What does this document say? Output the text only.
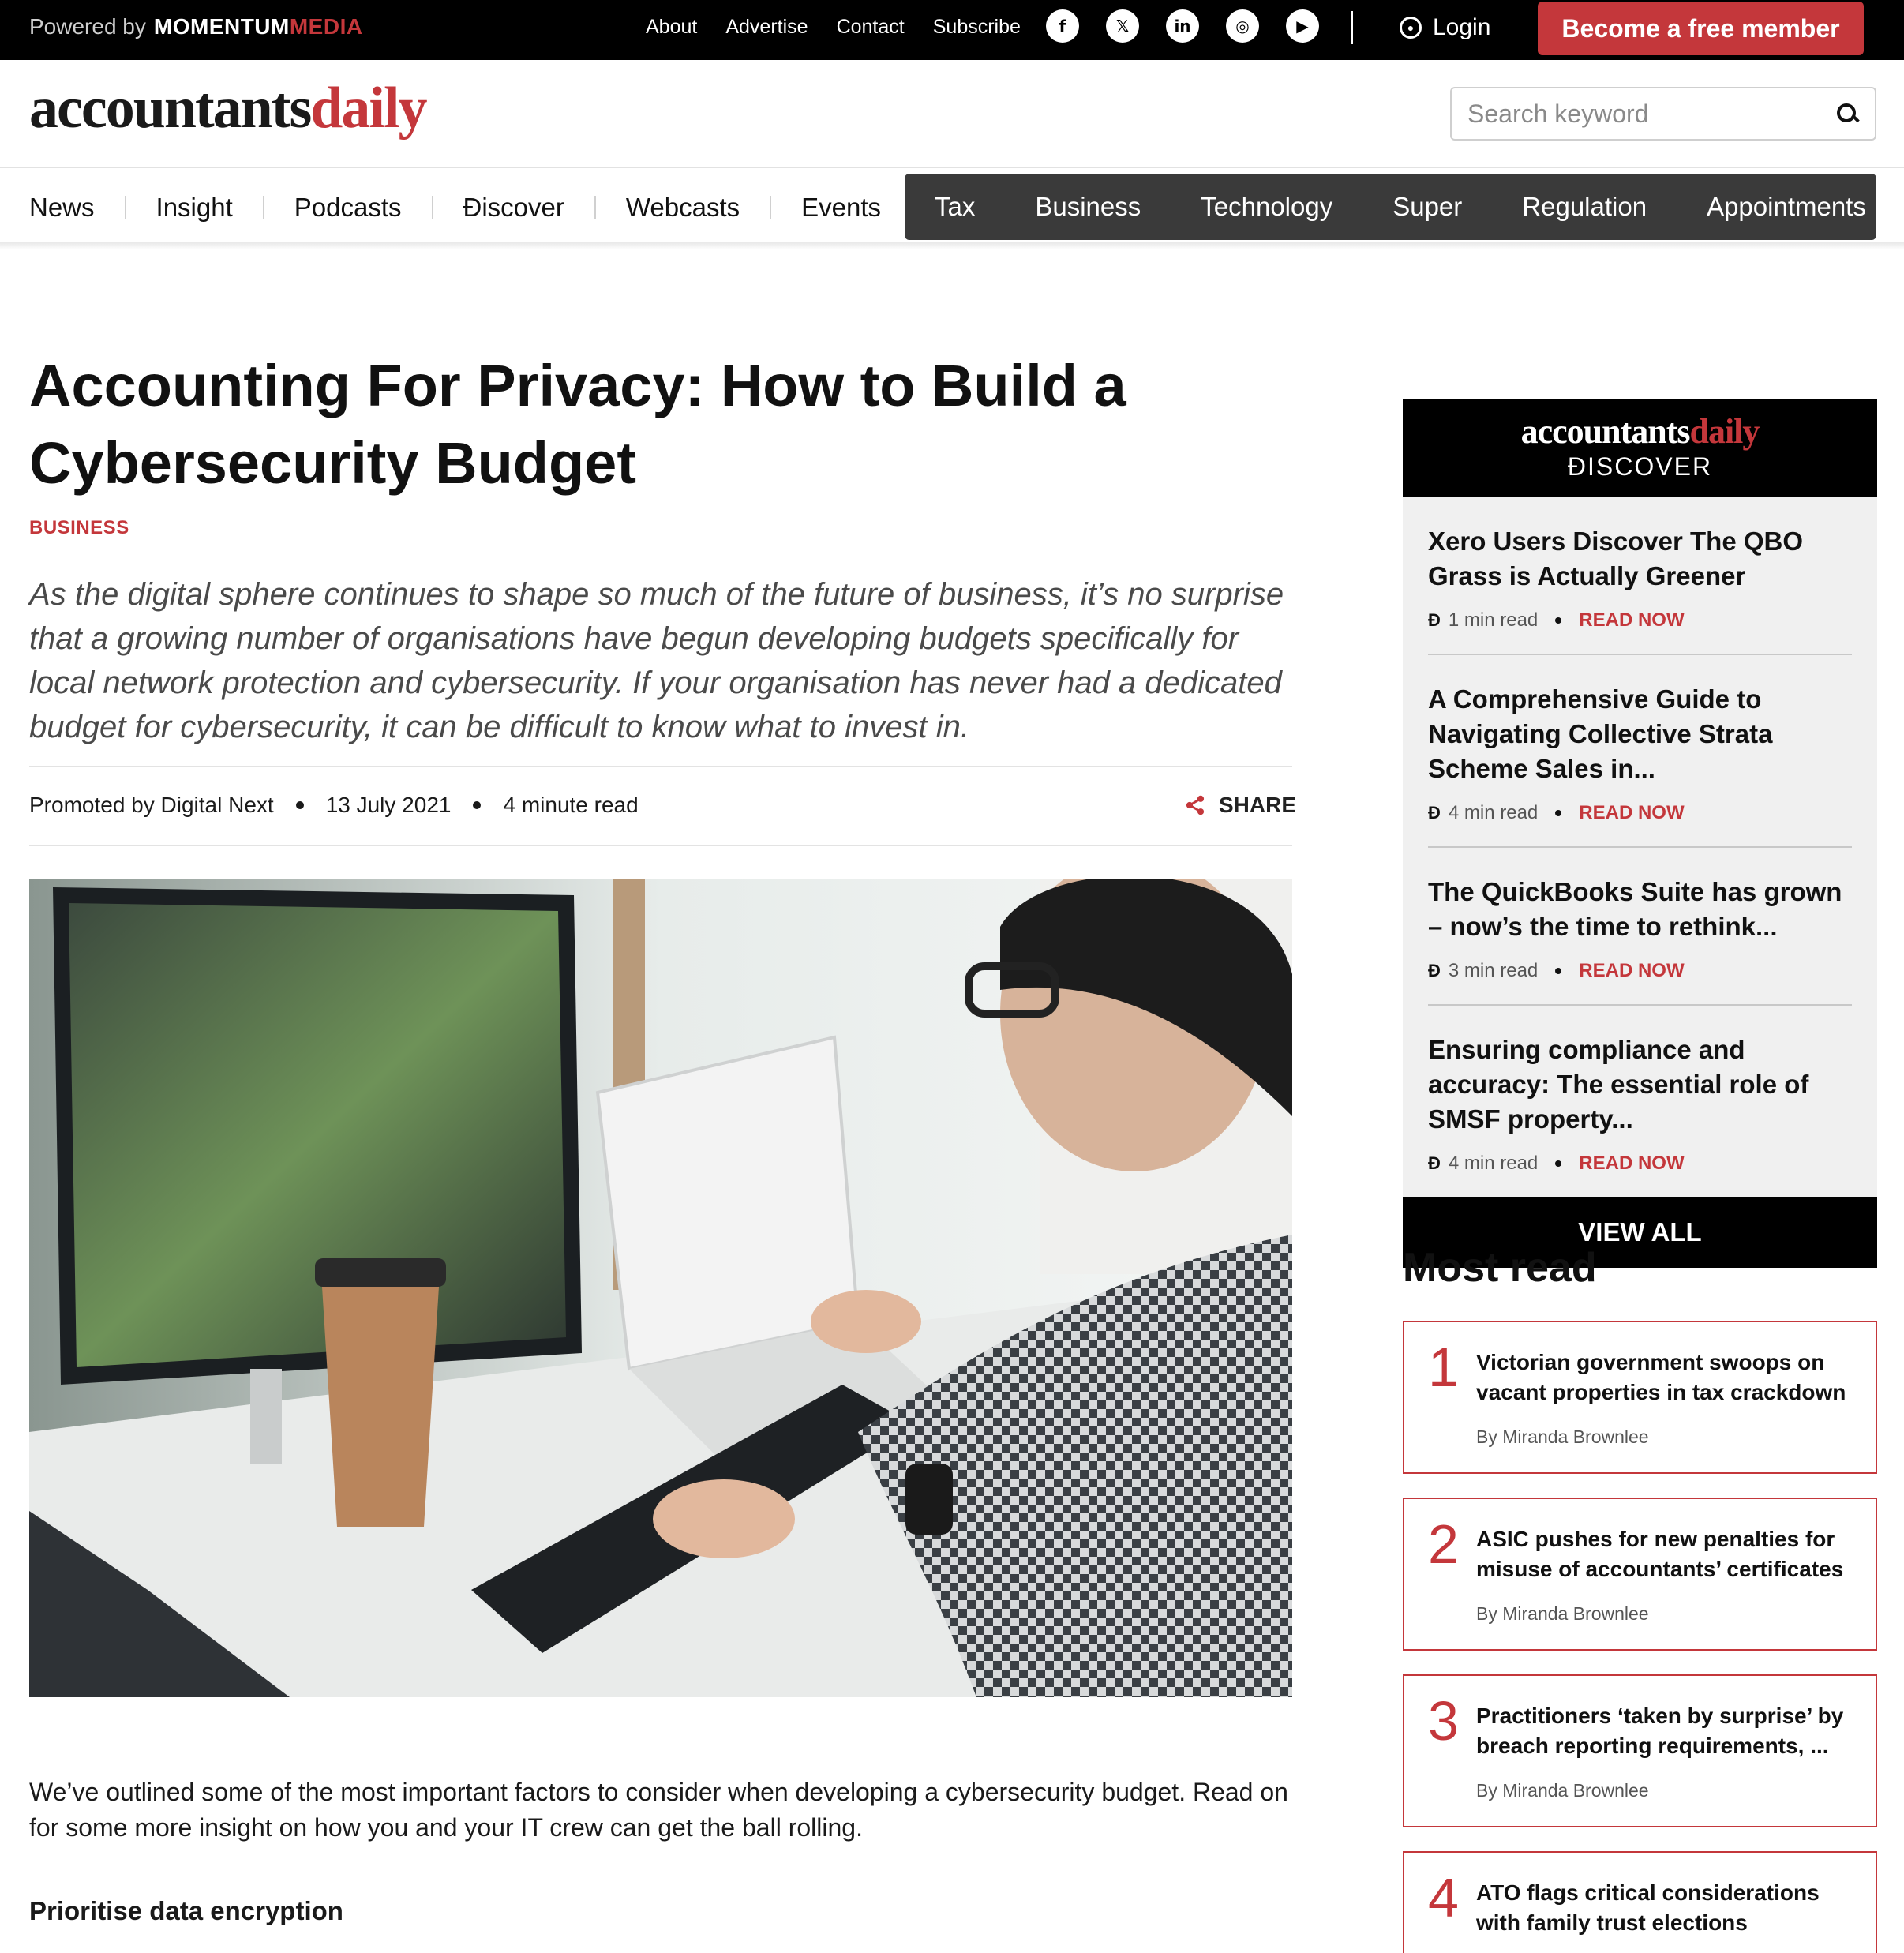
Powered by MOMENTUMMEDIA	About Advertise Contact Subscribe	f	𝕏	in	◎	▶	● Login	Become a free member
accountantsdaily
Search keyword
News Insight Podcasts Ɖiscover Webcasts Events Tax Business Technology Super Regulation Appointments
Accounting For Privacy: How to Build a Cybersecurity Budget
BUSINESS

As the digital sphere continues to shape so much of the future of business, it’s no surprise that a growing number of organisations have begun developing budgets specifically for local network protection and cybersecurity. If your organisation has never had a dedicated budget for cybersecurity, it can be difficult to know what to invest in.

Promoted by Digital Next 13 July 2021 4 minute read	SHARE

We’ve outlined some of the most important factors to consider when developing a cybersecurity budget. Read on for some more insight on how you and your IT crew can get the ball rolling.

Prioritise data encryption
accountantsdaily
ƉISCOVER
Xero Users Discover The QBO Grass is Actually Greener
Ɖ 1 min read READ NOW
A Comprehensive Guide to Navigating Collective Strata Scheme Sales in...
Ɖ 4 min read READ NOW
The QuickBooks Suite has grown – now’s the time to rethink...
Ɖ 3 min read READ NOW
Ensuring compliance and accuracy: The essential role of SMSF property...
Ɖ 4 min read READ NOW
VIEW ALL
Most read
1 Victorian government swoops on vacant properties in tax crackdown
By Miranda Brownlee
2 ASIC pushes for new penalties for misuse of accountants’ certificates
By Miranda Brownlee
3 Practitioners ‘taken by surprise’ by breach reporting requirements, ...
By Miranda Brownlee
4 ATO flags critical considerations with family trust elections
